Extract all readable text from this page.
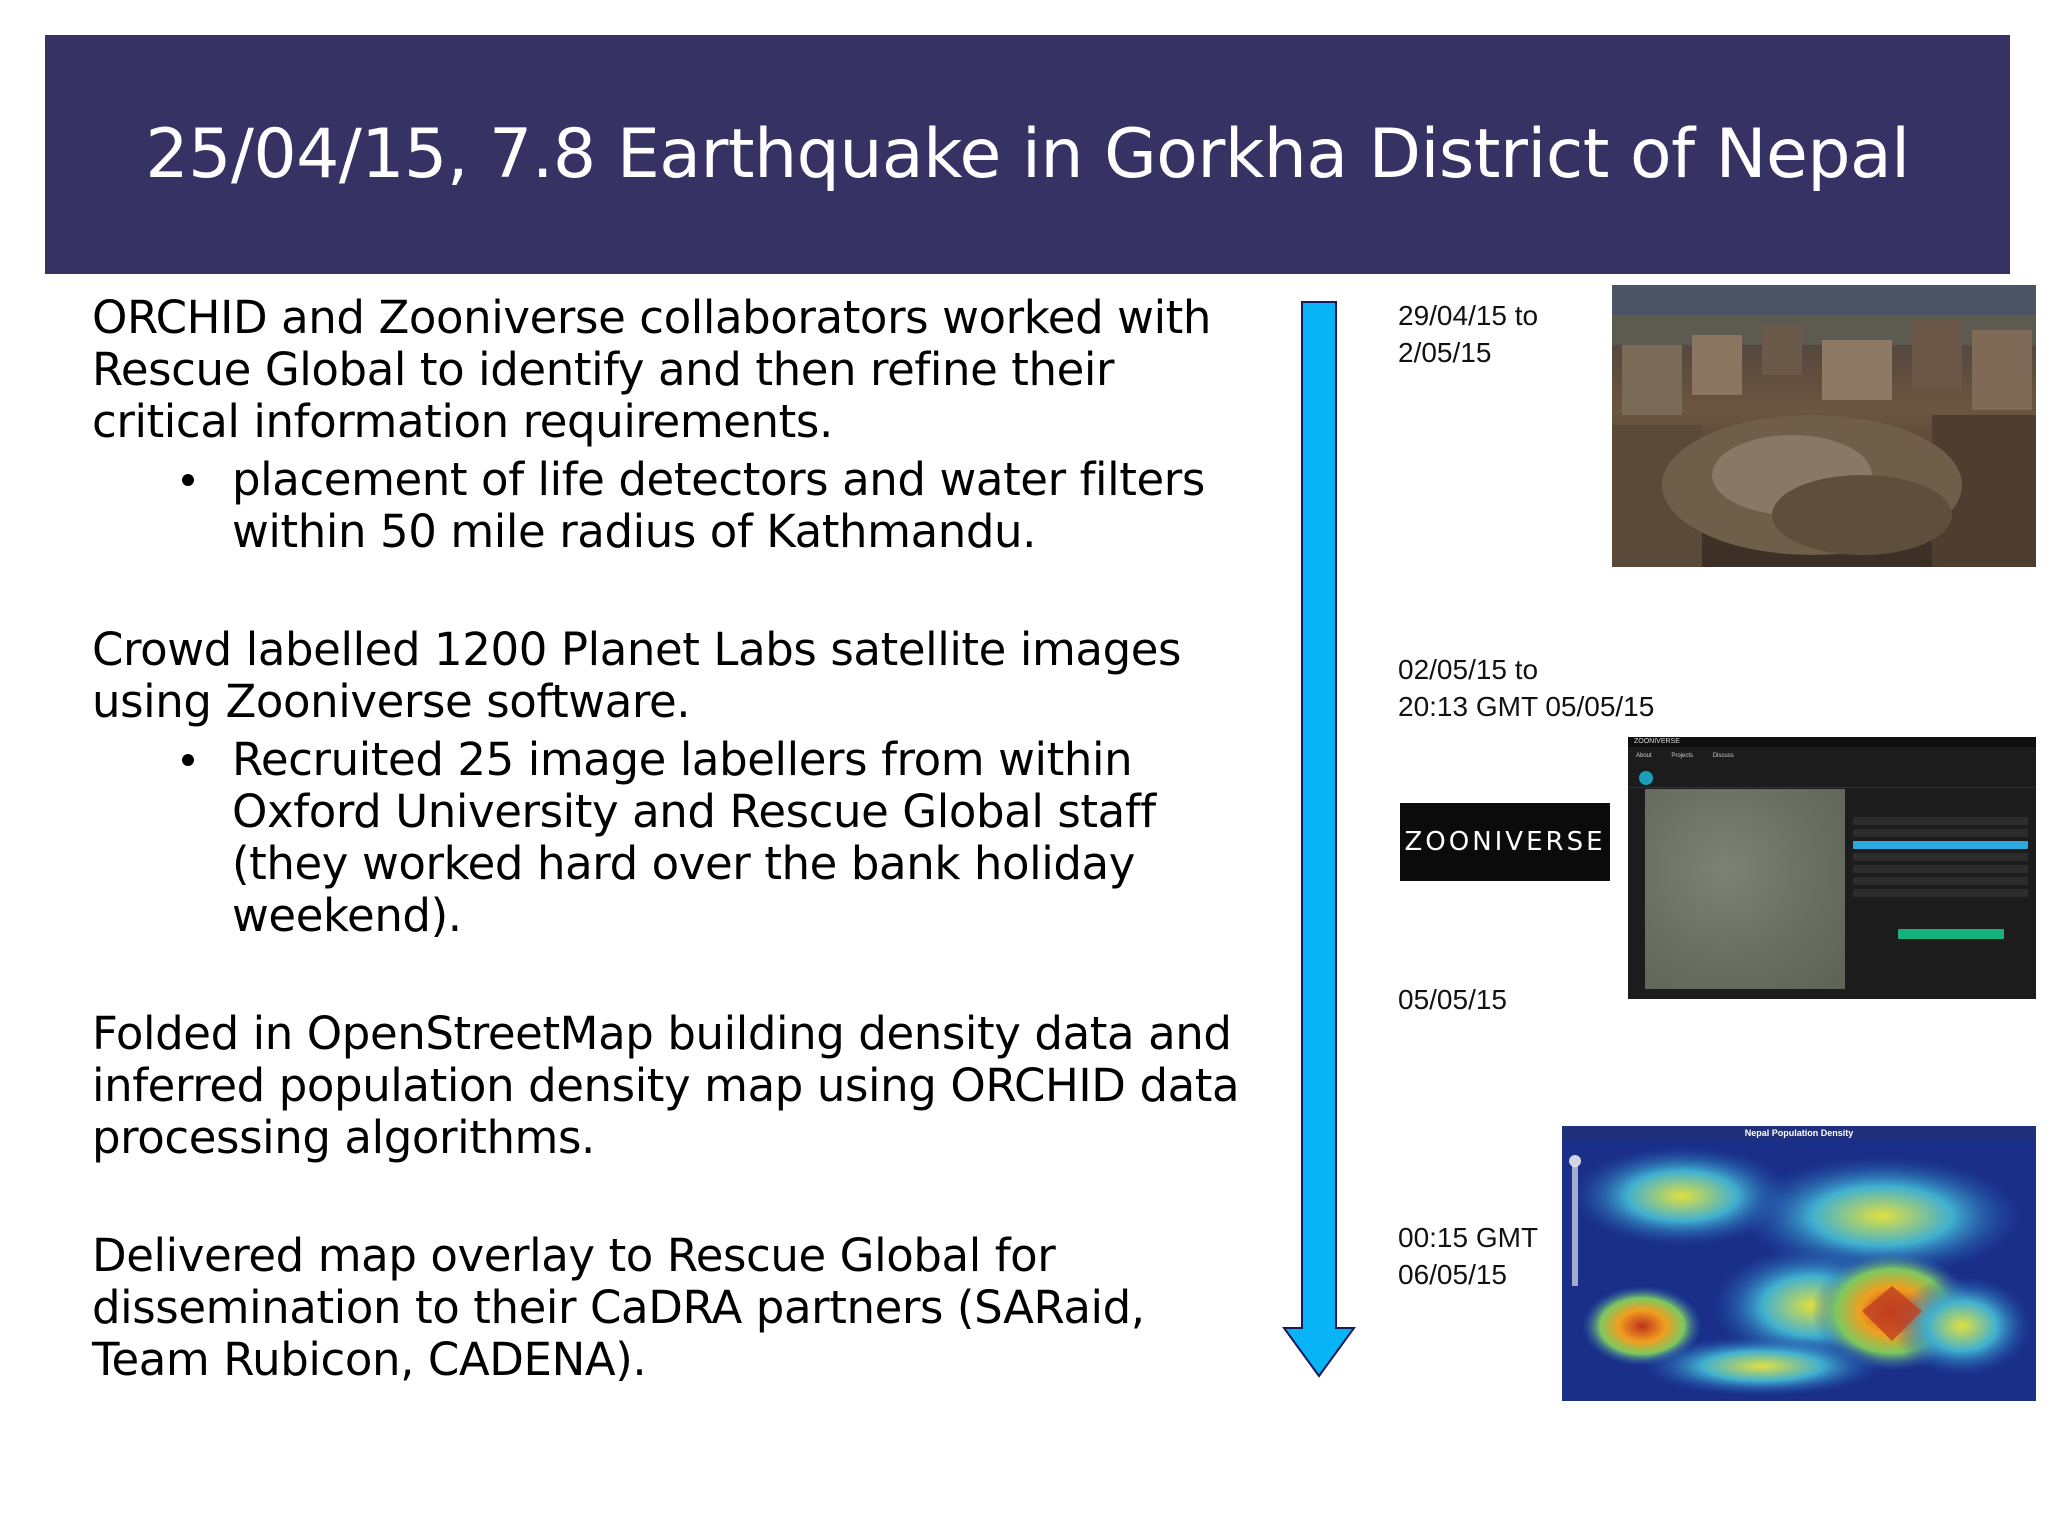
25/04/15, 7.8 Earthquake in Gorkha District of Nepal

ORCHID and Zooniverse collaborators worked with Rescue Global to identify and then refine their critical information requirements.

placement of life detectors and water filters within 50 mile radius of Kathmandu.

Crowd labelled 1200 Planet Labs satellite images using Zooniverse software.

Recruited 25 image labellers from within Oxford University and Rescue Global staff (they worked hard over the bank holiday weekend).

Folded in OpenStreetMap building density data and inferred population density map using ORCHID data processing algorithms.

Delivered map overlay to Rescue Global for dissemination to their CaDRA partners (SARaid, Team Rubicon, CADENA).

29/04/15 to
2/05/15
02/05/15 to
20:13 GMT 05/05/15
05/05/15
00:15 GMT
06/05/15
ZOONIVERSE
ZOONIVERSE
About	Projects	Discuss
Nepal Population Density
